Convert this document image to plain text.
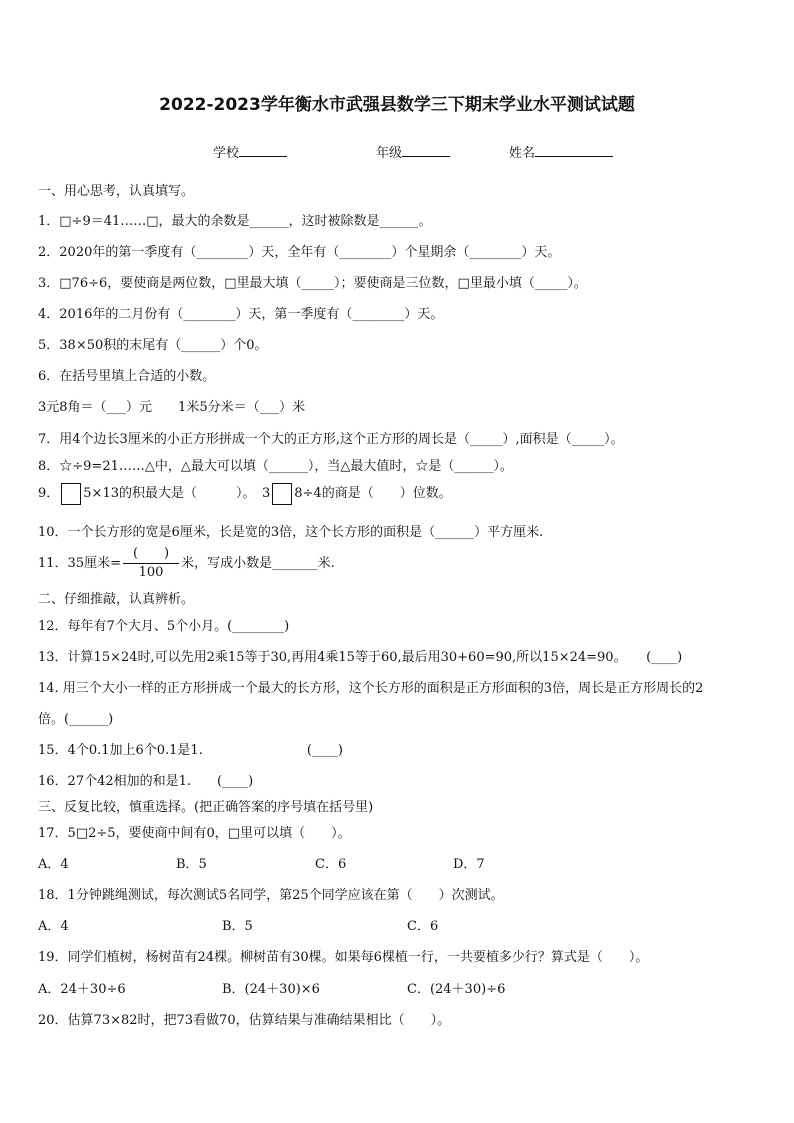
2022-2023学年衡水市武强县数学三下期末学业水平测试试题
学校	年级	姓名
一、用心思考，认真填写。
1．□÷9＝41……□，最大的余数是______，这时被除数是______。
2．2020年的第一季度有（________）天，全年有（________）个星期余（________）天。
3．□76÷6，要使商是两位数，□里最大填（_____）；要使商是三位数，□里最小填（_____）。
4．2016年的二月份有（________）天，第一季度有（________）天。
5．38×50积的末尾有（______）个0。
6．在括号里填上合适的小数。
3元8角＝（___）元　　1米5分米＝（___）米
7．用4个边长3厘米的小正方形拼成一个大的正方形,这个正方形的周长是（_____）,面积是（_____）。
8．☆÷9=21……△中，△最大可以填（______），当△最大值时，☆是（______）。
9． 5×13的积最大是（　　　）。　3 8÷4的商是（　　）位数。
10．一个长方形的宽是6厘米，长是宽的3倍，这个长方形的面积是（______）平方厘米.
11．35厘米= $\frac{( )}{100}$ 米，写成小数是_______米.
二、仔细推敲，认真辨析。
12．每年有7个大月、5个小月。(________)
13．计算15×24时,可以先用2乘15等于30,再用4乘15等于60,最后用30+60=90,所以15×24=90。　　(____)
14. 用三个大小一样的正方形拼成一个最大的长方形，这个长方形的面积是正方形面积的3倍，周长是正方形周长的2
倍。(______)
15．4个0.1加上6个0.1是1.　　　　　　　　(____)
16．27个42相加的和是1.　　(____)
三、反复比较，慎重选择。(把正确答案的序号填在括号里)
17．5□2÷5，要使商中间有0，□里可以填（　　）。
A．4	B．5	C．6	D．7
18．1分钟跳绳测试，每次测试5名同学，第25个同学应该在第（　　）次测试。
A．4	B．5	C．6
19．同学们植树，杨树苗有24棵。柳树苗有30棵。如果每6棵植一行，一共要植多少行？算式是（　　）。
A．24＋30÷6	B．(24＋30)×6	C．(24＋30)÷6
20．估算73×82时，把73看做70，估算结果与准确结果相比（　　）。
